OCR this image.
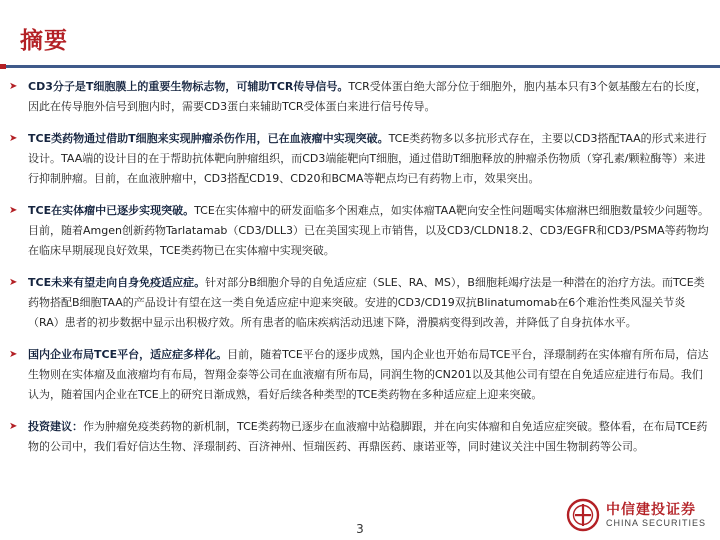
摘要
➤ CD3分子是T细胞膜上的重要生物标志物，可辅助TCR传导信号。TCR受体蛋白绝大部分位于细胞外，胞内基本只有3个氨基酸左右的长度，因此在传导胞外信号到胞内时，需要CD3蛋白来辅助TCR受体蛋白来进行信号传导。
➤ TCE类药物通过借助T细胞来实现肿瘤杀伤作用，已在血液瘤中实现突破。TCE类药物多以多抗形式存在，主要以CD3搭配TAA的形式来进行设计。TAA端的设计目的在于帮助抗体靶向肿瘤组织，而CD3端能靶向T细胞，通过借助T细胞释放的肿瘤杀伤物质（穿孔素/颗粒酶等）来进行抑制肿瘤。目前，在血液肿瘤中，CD3搭配CD19、CD20和BCMA等靶点均已有药物上市，效果突出。
➤ TCE在实体瘤中已逐步实现突破。TCE在实体瘤中的研发面临多个困难点，如实体瘤TAA靶向安全性问题喝实体瘤淋巴细胞数量较少问题等。目前，随着Amgen创新药物Tarlatamab（CD3/DLL3）已在美国实现上市销售，以及CD3/CLDN18.2、CD3/EGFR和CD3/PSMA等药物均在临床早期展现良好效果，TCE类药物已在实体瘤中实现突破。
➤ TCE未来有望走向自身免疫适应症。针对部分B细胞介导的自免适应症（SLE、RA、MS），B细胞耗竭疗法是一种潜在的治疗方法。而TCE类药物搭配B细胞TAA的产品设计有望在这一类自免适应症中迎来突破。安进的CD3/CD19双抗Blinatumomab在6个难治性类风湿关节炎（RA）患者的初步数据中显示出积极疗效。所有患者的临床疾病活动迅速下降，滑膜病变得到改善，并降低了自身抗体水平。
➤ 国内企业布局TCE平台，适应症多样化。目前，随着TCE平台的逐步成熟，国内企业也开始布局TCE平台，泽璟制药在实体瘤有所布局，信达生物则在实体瘤及血液瘤均有布局，智翔金泰等公司在血液瘤有所布局，同润生物的CN201以及其他公司有望在自免适应症进行布局。我们认为，随着国内企业在TCE上的研究日渐成熟，看好后续各种类型的TCE类药物在多种适应症上迎来突破。
➤ 投资建议：作为肿瘤免疫类药物的新机制，TCE类药物已逐步在血液瘤中站稳脚跟，并在向实体瘤和自免适应症突破。整体看，在布局TCE药物的公司中，我们看好信达生物、泽璟制药、百济神州、恒瑞医药、再鼎医药、康诺亚等，同时建议关注中国生物制药等公司。
3
中信建投证券
CHINA SECURITIES
